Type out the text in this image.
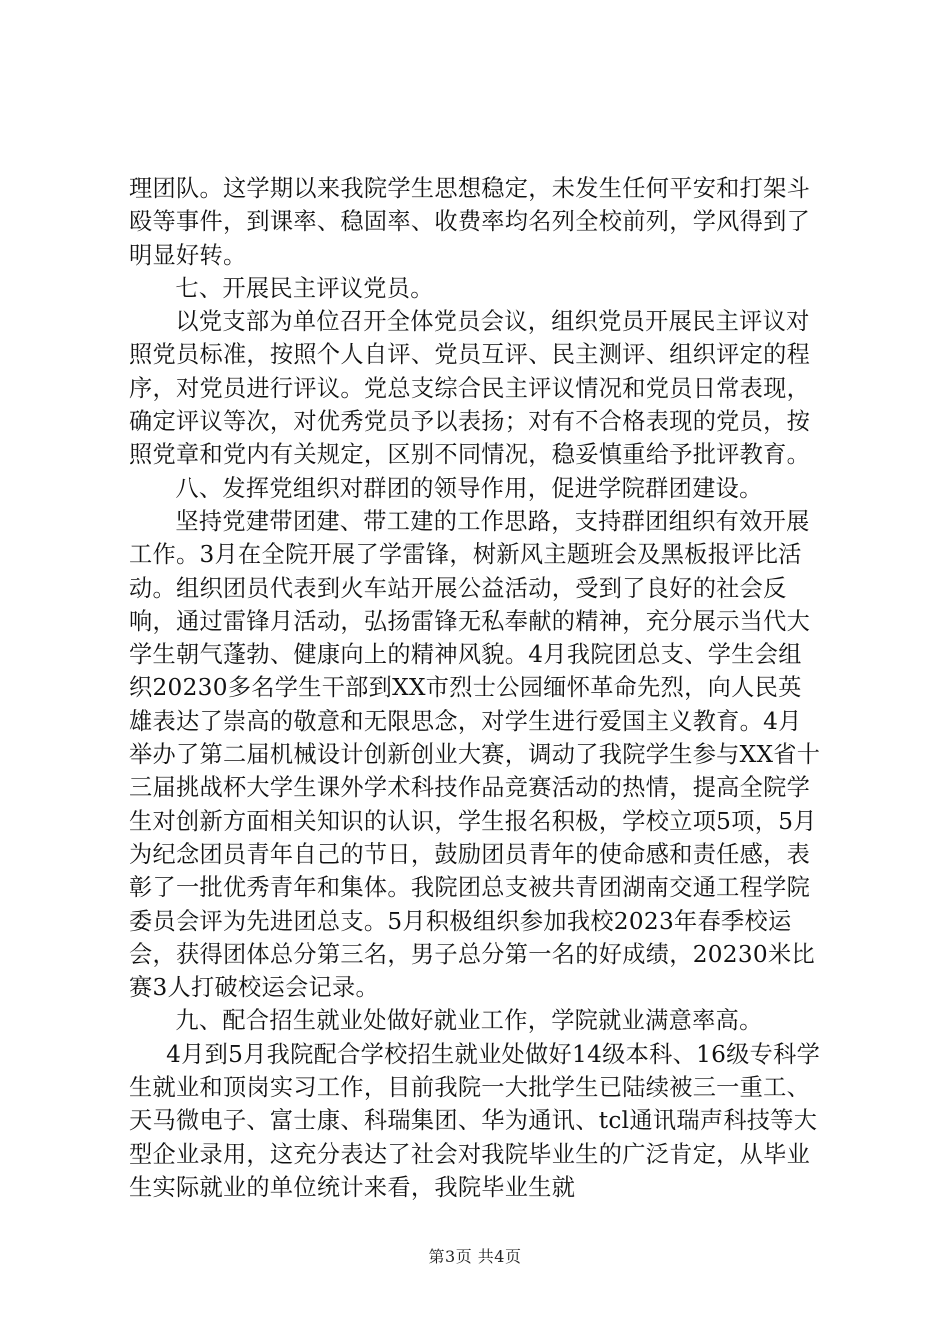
理团队。这学期以来我院学生思想稳定，未发生任何平安和打架斗殴等事件，到课率、稳固率、收费率均名列全校前列，学风得到了明显好转。

七、开展民主评议党员。

以党支部为单位召开全体党员会议，组织党员开展民主评议对照党员标准，按照个人自评、党员互评、民主测评、组织评定的程序，对党员进行评议。党总支综合民主评议情况和党员日常表现，确定评议等次，对优秀党员予以表扬；对有不合格表现的党员，按照党章和党内有关规定，区别不同情况，稳妥慎重给予批评教育。

八、发挥党组织对群团的领导作用，促进学院群团建设。

坚持党建带团建、带工建的工作思路，支持群团组织有效开展工作。3月在全院开展了学雷锋，树新风主题班会及黑板报评比活动。组织团员代表到火车站开展公益活动，受到了良好的社会反响，通过雷锋月活动，弘扬雷锋无私奉献的精神，充分展示当代大学生朝气蓬勃、健康向上的精神风貌。4月我院团总支、学生会组织20230多名学生干部到XX市烈士公园缅怀革命先烈，向人民英雄表达了崇高的敬意和无限思念，对学生进行爱国主义教育。4月举办了第二届机械设计创新创业大赛，调动了我院学生参与XX省十三届挑战杯大学生课外学术科技作品竞赛活动的热情，提高全院学生对创新方面相关知识的认识，学生报名积极，学校立项5项，5月为纪念团员青年自己的节日，鼓励团员青年的使命感和责任感，表彰了一批优秀青年和集体。我院团总支被共青团湖南交通工程学院委员会评为先进团总支。5月积极组织参加我校2023年春季校运会，获得团体总分第三名，男子总分第一名的好成绩，20230米比赛3人打破校运会记录。

九、配合招生就业处做好就业工作，学院就业满意率高。

4月到5月我院配合学校招生就业处做好14级本科、16级专科学生就业和顶岗实习工作，目前我院一大批学生已陆续被三一重工、天马微电子、富士康、科瑞集团、华为通讯、tcl通讯瑞声科技等大型企业录用，这充分表达了社会对我院毕业生的广泛肯定，从毕业生实际就业的单位统计来看，我院毕业生就

第3页 共4页
